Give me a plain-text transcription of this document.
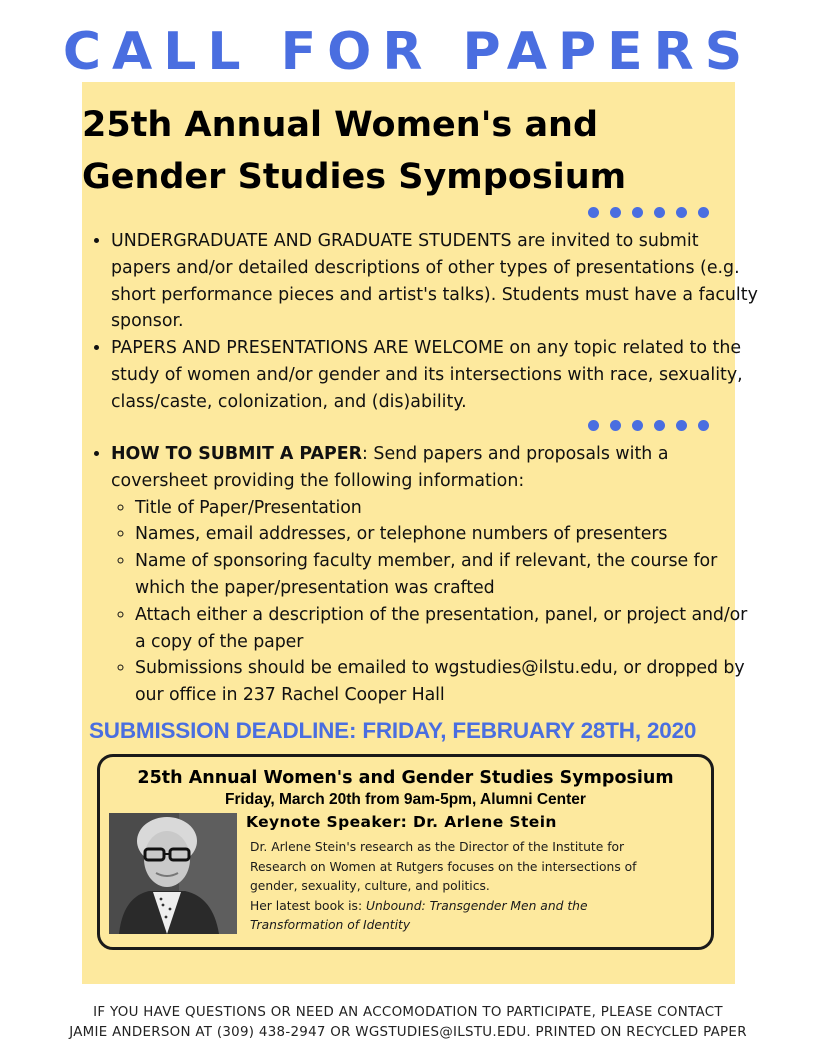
CALL FOR PAPERS
25th Annual Women's and
Gender Studies Symposium
• UNDERGRADUATE AND GRADUATE STUDENTS are invited to submit papers and/or detailed descriptions of other types of presentations (e.g. short performance pieces and artist's talks). Students must have a faculty sponsor.
• PAPERS AND PRESENTATIONS ARE WELCOME on any topic related to the study of women and/or gender and its intersections with race, sexuality, class/caste, colonization, and (dis)ability.
• HOW TO SUBMIT A PAPER: Send papers and proposals with a coversheet providing the following information:
◦ Title of Paper/Presentation
◦ Names, email addresses, or telephone numbers of presenters
◦ Name of sponsoring faculty member, and if relevant, the course for which the paper/presentation was crafted
◦ Attach either a description of the presentation, panel, or project and/or a copy of the paper
◦ Submissions should be emailed to wgstudies@ilstu.edu, or dropped by our office in 237 Rachel Cooper Hall
SUBMISSION DEADLINE: FRIDAY, FEBRUARY 28TH, 2020
25th Annual Women's and Gender Studies Symposium
Friday, March 20th from 9am-5pm, Alumni Center
Keynote Speaker: Dr. Arlene Stein
Dr. Arlene Stein's research as the Director of the Institute for Research on Women at Rutgers focuses on the intersections of gender, sexuality, culture, and politics.
Her latest book is: Unbound: Transgender Men and the Transformation of Identity
IF YOU HAVE QUESTIONS OR NEED AN ACCOMODATION TO PARTICIPATE, PLEASE CONTACT
JAMIE ANDERSON AT (309) 438-2947 OR WGSTUDIES@ILSTU.EDU. PRINTED ON RECYCLED PAPER
